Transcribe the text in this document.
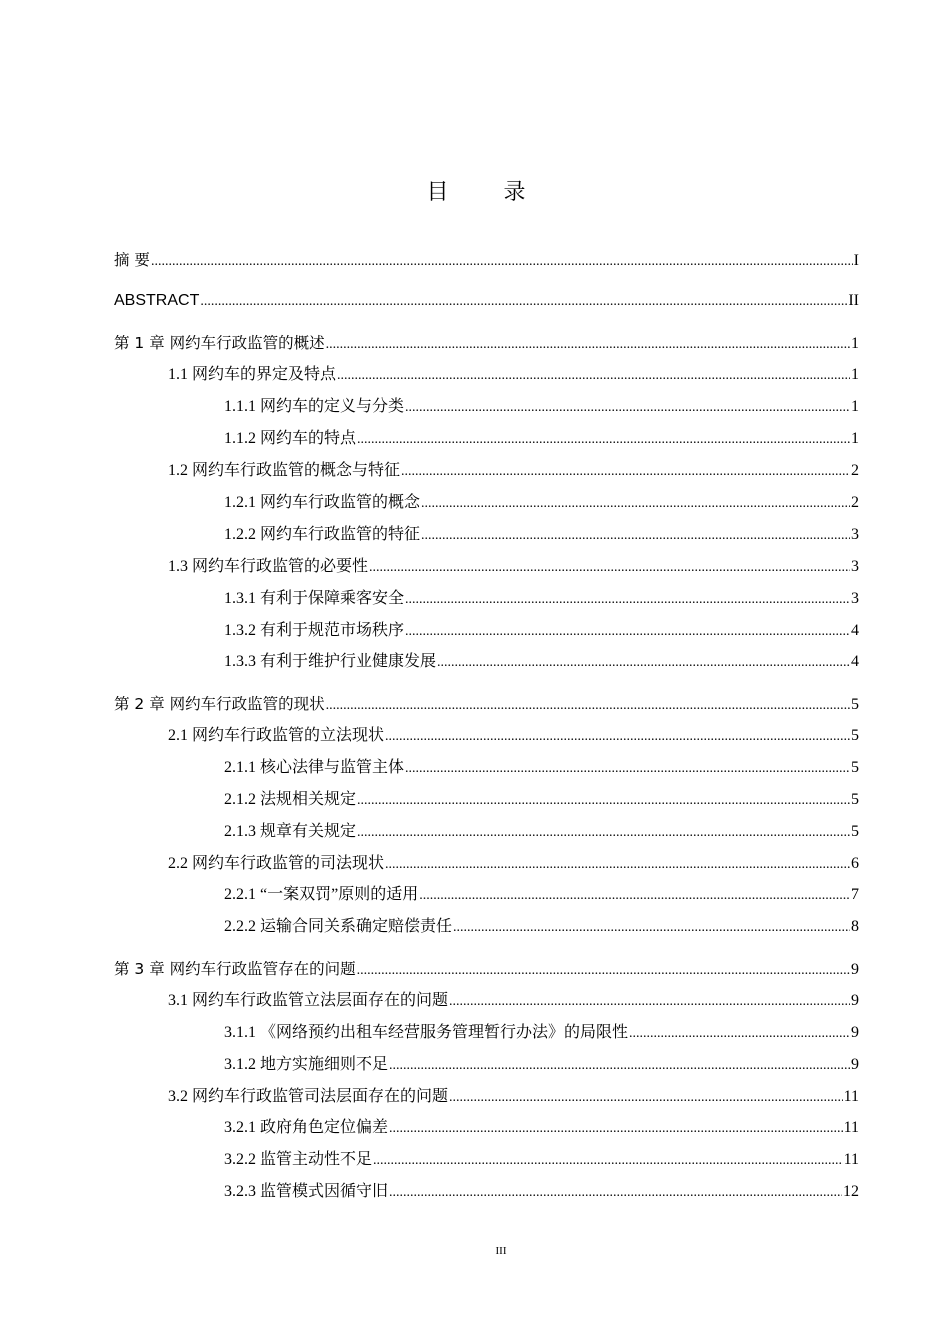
目 录
摘 要 .....	I
ABSTRACT .....	II
第 1 章 网约车行政监管的概述 .....	1
1.1 网约车的界定及特点 .....	1
1.1.1 网约车的定义与分类 .....	1
1.1.2 网约车的特点 .....	1
1.2 网约车行政监管的概念与特征 .....	2
1.2.1 网约车行政监管的概念 .....	2
1.2.2 网约车行政监管的特征 .....	3
1.3 网约车行政监管的必要性 .....	3
1.3.1 有利于保障乘客安全 .....	3
1.3.2 有利于规范市场秩序 .....	4
1.3.3 有利于维护行业健康发展 .....	4
第 2 章 网约车行政监管的现状 .....	5
2.1 网约车行政监管的立法现状 .....	5
2.1.1 核心法律与监管主体 .....	5
2.1.2 法规相关规定 .....	5
2.1.3 规章有关规定 .....	5
2.2 网约车行政监管的司法现状 .....	6
2.2.1 “一案双罚”原则的适用 .....	7
2.2.2 运输合同关系确定赔偿责任 .....	8
第 3 章 网约车行政监管存在的问题 .....	9
3.1 网约车行政监管立法层面存在的问题 .....	9
3.1.1 《网络预约出租车经营服务管理暂行办法》的局限性 .....	9
3.1.2 地方实施细则不足 .....	9
3.2 网约车行政监管司法层面存在的问题 .....	11
3.2.1 政府角色定位偏差 .....	11
3.2.2 监管主动性不足 .....	11
3.2.3 监管模式因循守旧 .....	12
III
